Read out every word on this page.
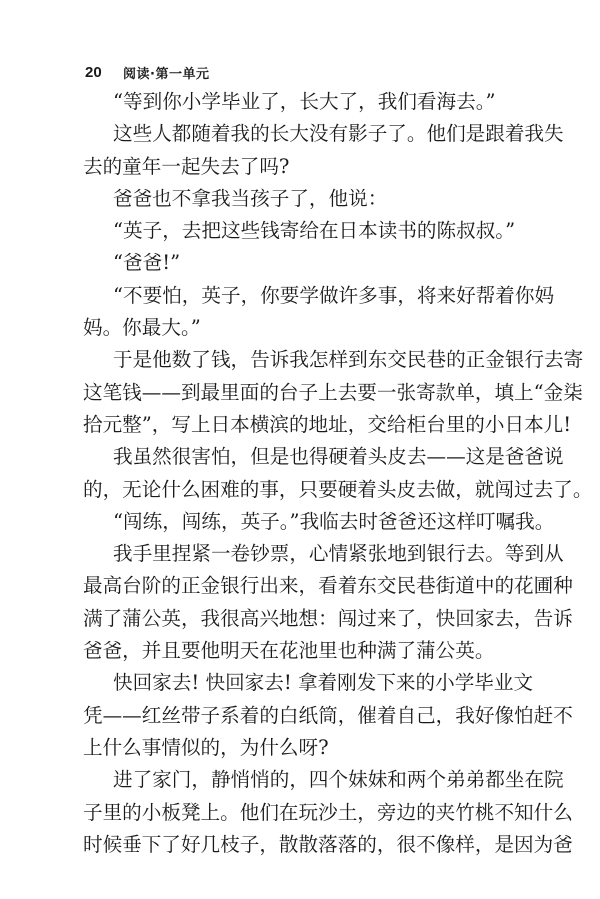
20	阅读·第一单元
“等到你小学毕业了，长大了，我们看海去。”
这些人都随着我的长大没有影子了。他们是跟着我失
去的童年一起失去了吗?
爸爸也不拿我当孩子了，他说：
“英子，去把这些钱寄给在日本读书的陈叔叔。”
“爸爸!”
“不要怕，英子，你要学做许多事，将来好帮着你妈
妈。你最大。”
于是他数了钱，告诉我怎样到东交民巷的正金银行去寄
这笔钱——到最里面的台子上去要一张寄款单，填上“金柒
拾元整”，写上日本横滨的地址，交给柜台里的小日本儿!
我虽然很害怕，但是也得硬着头皮去——这是爸爸说
的，无论什么困难的事，只要硬着头皮去做，就闯过去了。
“闯练，闯练，英子。”我临去时爸爸还这样叮嘱我。
我手里捏紧一卷钞票，心情紧张地到银行去。等到从
最高台阶的正金银行出来，看着东交民巷街道中的花圃种
满了蒲公英，我很高兴地想：闯过来了，快回家去，告诉
爸爸，并且要他明天在花池里也种满了蒲公英。
快回家去! 快回家去! 拿着刚发下来的小学毕业文
凭——红丝带子系着的白纸筒，催着自己，我好像怕赶不
上什么事情似的，为什么呀?
进了家门，静悄悄的，四个妹妹和两个弟弟都坐在院
子里的小板凳上。他们在玩沙土，旁边的夹竹桃不知什么
时候垂下了好几枝子，散散落落的，很不像样，是因为爸
